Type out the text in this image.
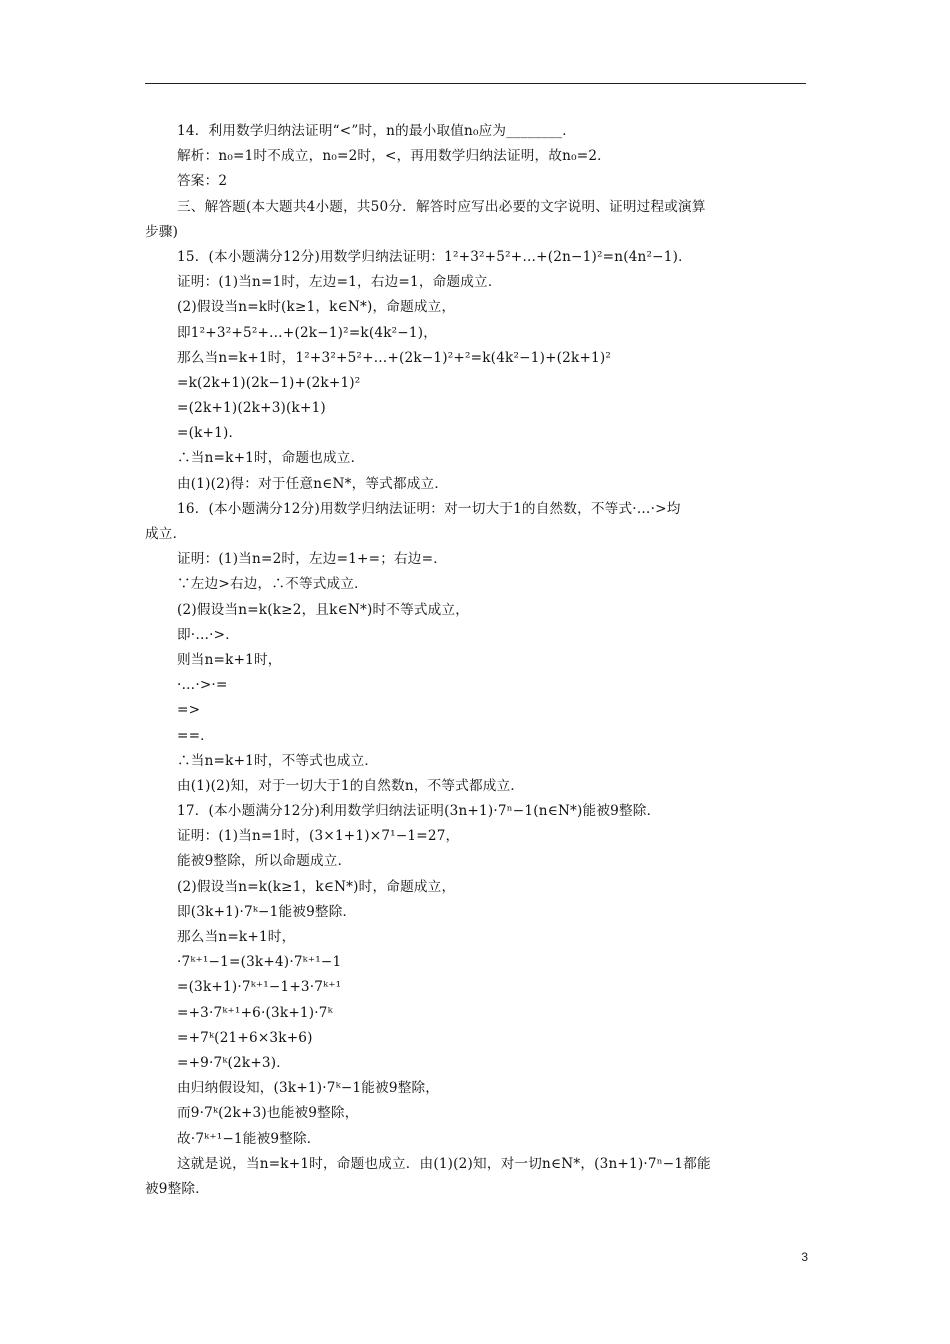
14．利用数学归纳法证明“<”时，n的最小取值n₀应为________．
解析：n₀=1时不成立，n₀=2时，<，再用数学归纳法证明，故n₀=2．
答案：2
三、解答题(本大题共4小题，共50分．解答时应写出必要的文字说明、证明过程或演算
步骤)
15．(本小题满分12分)用数学归纳法证明：1²+3²+5²+…+(2n−1)²=n(4n²−1)．
证明：(1)当n=1时，左边=1，右边=1，命题成立．
(2)假设当n=k时(k≥1，k∈N*)，命题成立，
即1²+3²+5²+…+(2k−1)²=k(4k²−1)，
那么当n=k+1时，1²+3²+5²+…+(2k−1)²+²=k(4k²−1)+(2k+1)²
=k(2k+1)(2k−1)+(2k+1)²
=(2k+1)(2k+3)(k+1)
=(k+1)．
∴当n=k+1时，命题也成立．
由(1)(2)得：对于任意n∈N*，等式都成立．
16．(本小题满分12分)用数学归纳法证明：对一切大于1的自然数，不等式·…·>均
成立．
证明：(1)当n=2时，左边=1+=；右边=．
∵左边>右边，∴不等式成立．
(2)假设当n=k(k≥2，且k∈N*)时不等式成立，
即·…·>．
则当n=k+1时，
·…·>·=
=>
==．
∴当n=k+1时，不等式也成立．
由(1)(2)知，对于一切大于1的自然数n，不等式都成立．
17．(本小题满分12分)利用数学归纳法证明(3n+1)·7ⁿ−1(n∈N*)能被9整除．
证明：(1)当n=1时，(3×1+1)×7¹−1=27，
能被9整除，所以命题成立．
(2)假设当n=k(k≥1，k∈N*)时，命题成立，
即(3k+1)·7ᵏ−1能被9整除．
那么当n=k+1时，
·7ᵏ⁺¹−1=(3k+4)·7ᵏ⁺¹−1
=(3k+1)·7ᵏ⁺¹−1+3·7ᵏ⁺¹
=+3·7ᵏ⁺¹+6·(3k+1)·7ᵏ
=+7ᵏ(21+6×3k+6)
=+9·7ᵏ(2k+3)．
由归纳假设知，(3k+1)·7ᵏ−1能被9整除，
而9·7ᵏ(2k+3)也能被9整除，
故·7ᵏ⁺¹−1能被9整除．
这就是说，当n=k+1时，命题也成立．由(1)(2)知，对一切n∈N*，(3n+1)·7ⁿ−1都能
被9整除．
3
